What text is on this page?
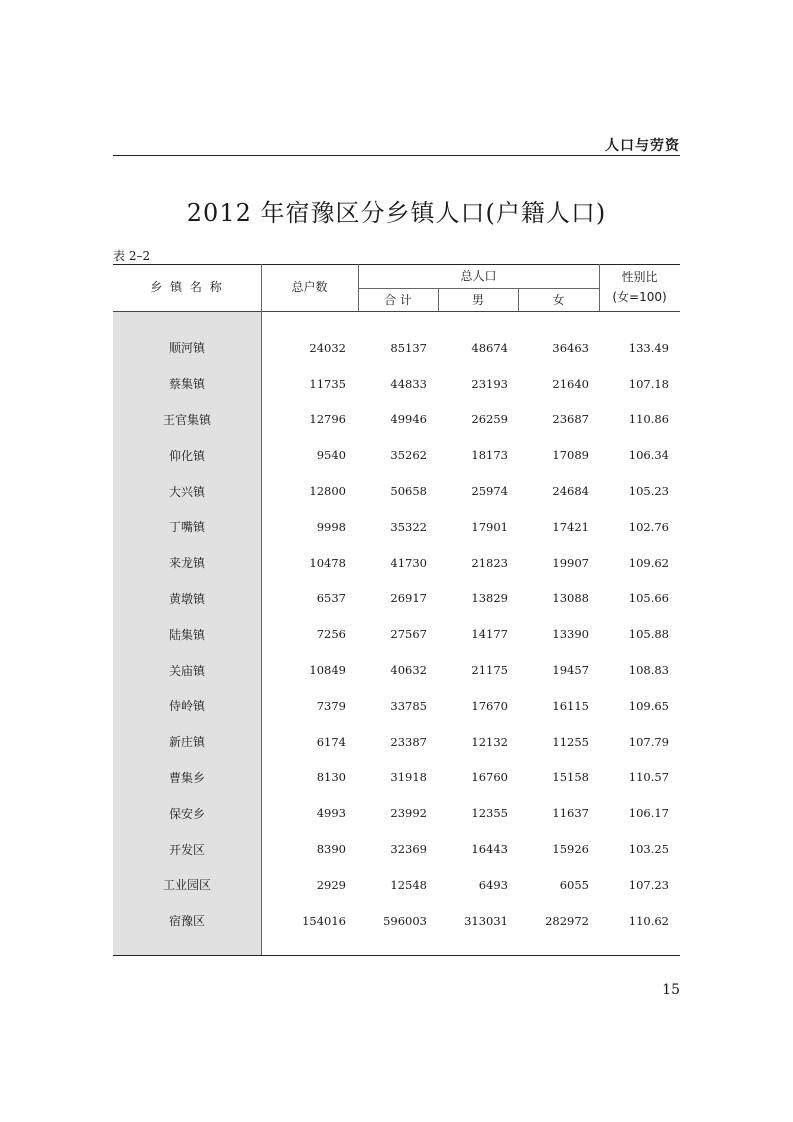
人口与劳资
2012 年宿豫区分乡镇人口(户籍人口)
表 2–2
乡 镇 名 称	总户数
总人口
合 计	男	女
性别比
(女=100)
顺河镇	24032	85137	48674	36463	133.49
蔡集镇	11735	44833	23193	21640	107.18
王官集镇	12796	49946	26259	23687	110.86
仰化镇	9540	35262	18173	17089	106.34
大兴镇	12800	50658	25974	24684	105.23
丁嘴镇	9998	35322	17901	17421	102.76
来龙镇	10478	41730	21823	19907	109.62
黄墩镇	6537	26917	13829	13088	105.66
陆集镇	7256	27567	14177	13390	105.88
关庙镇	10849	40632	21175	19457	108.83
侍岭镇	7379	33785	17670	16115	109.65
新庄镇	6174	23387	12132	11255	107.79
曹集乡	8130	31918	16760	15158	110.57
保安乡	4993	23992	12355	11637	106.17
开发区	8390	32369	16443	15926	103.25
工业园区	2929	12548	6493	6055	107.23
宿豫区	154016	596003	313031	282972	110.62
15
